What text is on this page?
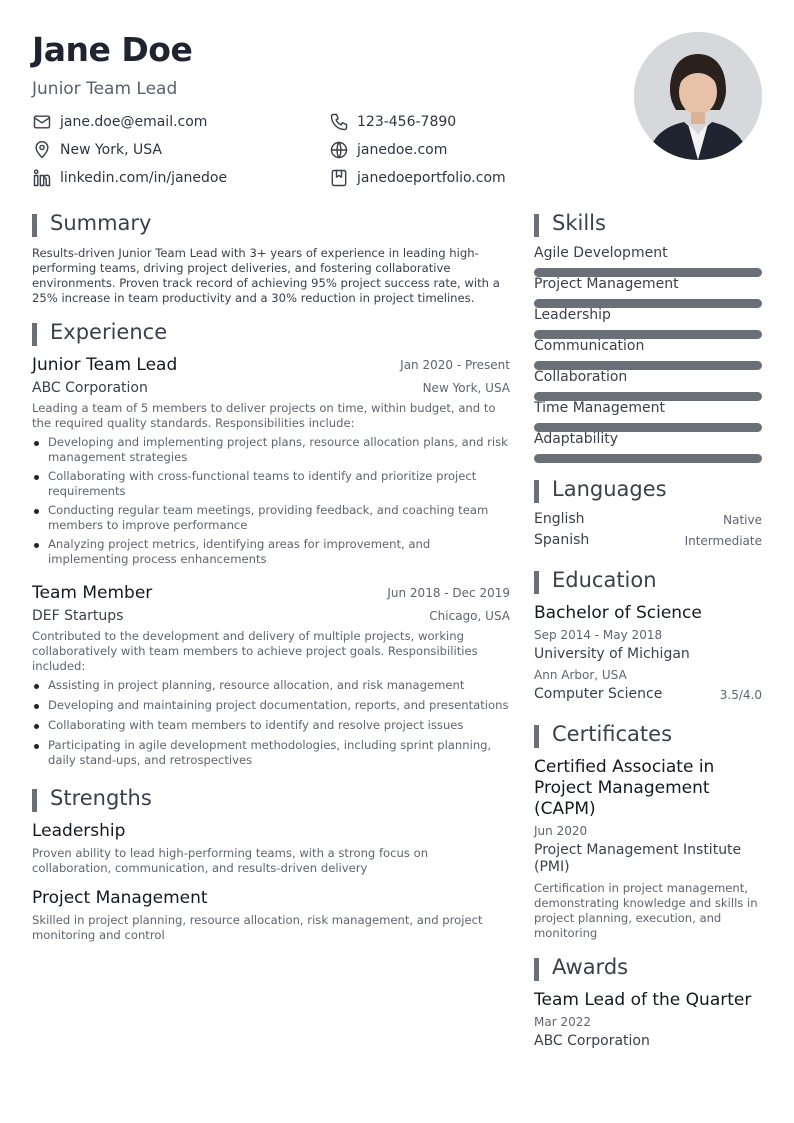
Jane Doe
Junior Team Lead
jane.doe@email.com	123-456-7890
New York, USA	janedoe.com
linkedin.com/in/janedoe	janedoeportfolio.com
Summary
Results-driven Junior Team Lead with 3+ years of experience in leading high-performing teams, driving project deliveries, and fostering collaborative environments. Proven track record of achieving 95% project success rate, with a 25% increase in team productivity and a 30% reduction in project timelines.
Experience
Junior Team Lead	Jan 2020 - Present
ABC Corporation	New York, USA
Leading a team of 5 members to deliver projects on time, within budget, and to the required quality standards. Responsibilities include:
Developing and implementing project plans, resource allocation plans, and risk management strategies
Collaborating with cross-functional teams to identify and prioritize project requirements
Conducting regular team meetings, providing feedback, and coaching team members to improve performance
Analyzing project metrics, identifying areas for improvement, and implementing process enhancements
Team Member	Jun 2018 - Dec 2019
DEF Startups	Chicago, USA
Contributed to the development and delivery of multiple projects, working collaboratively with team members to achieve project goals. Responsibilities included:
Assisting in project planning, resource allocation, and risk management
Developing and maintaining project documentation, reports, and presentations
Collaborating with team members to identify and resolve project issues
Participating in agile development methodologies, including sprint planning, daily stand-ups, and retrospectives
Strengths
Leadership
Proven ability to lead high-performing teams, with a strong focus on collaboration, communication, and results-driven delivery
Project Management
Skilled in project planning, resource allocation, risk management, and project monitoring and control
Skills
Agile Development
Project Management
Leadership
Communication
Collaboration
Time Management
Adaptability
Languages
English	Native
Spanish	Intermediate
Education
Bachelor of Science
Sep 2014 - May 2018
University of Michigan
Ann Arbor, USA
Computer Science	3.5/4.0
Certificates
Certified Associate in Project Management (CAPM)
Jun 2020
Project Management Institute (PMI)
Certification in project management, demonstrating knowledge and skills in project planning, execution, and monitoring
Awards
Team Lead of the Quarter
Mar 2022
ABC Corporation
